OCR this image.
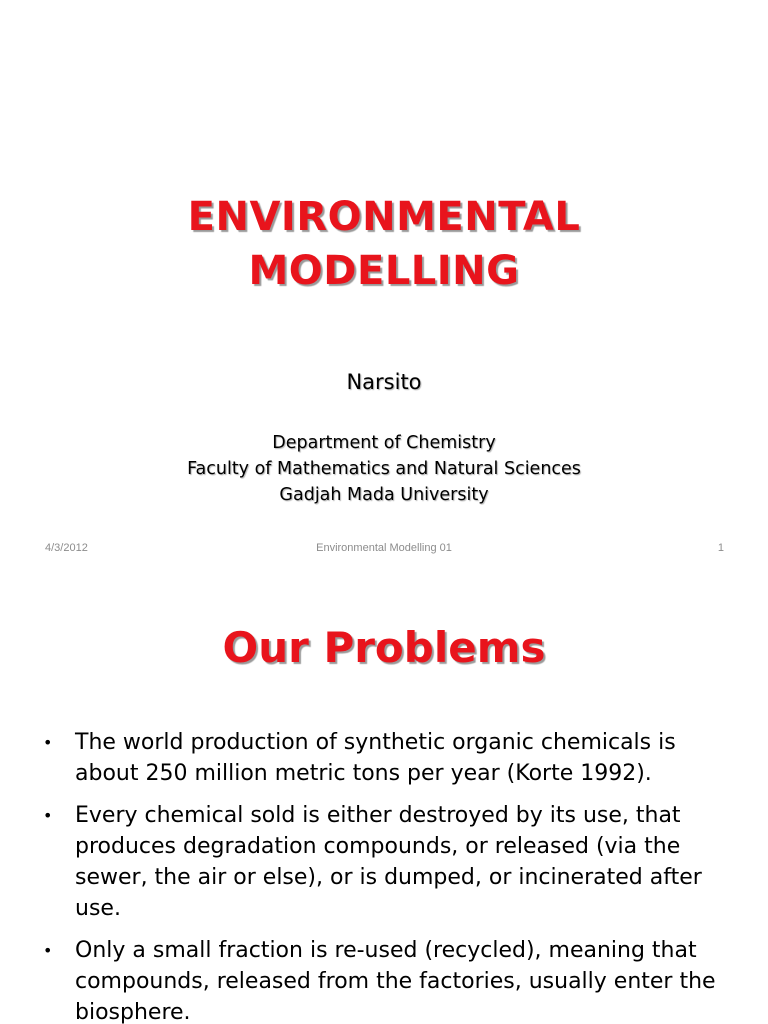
ENVIRONMENTAL
MODELLING
Narsito
Department of Chemistry
Faculty of Mathematics and Natural Sciences
Gadjah Mada University
4/3/2012	Environmental Modelling 01	1
Our Problems
• The world production of synthetic organic chemicals is about 250 million metric tons per year (Korte 1992).
• Every chemical sold is either destroyed by its use, that produces degradation compounds, or released (via the sewer, the air or else), or is dumped, or incinerated after use.
• Only a small fraction is re-used (recycled), meaning that compounds, released from the factories, usually enter the biosphere.
